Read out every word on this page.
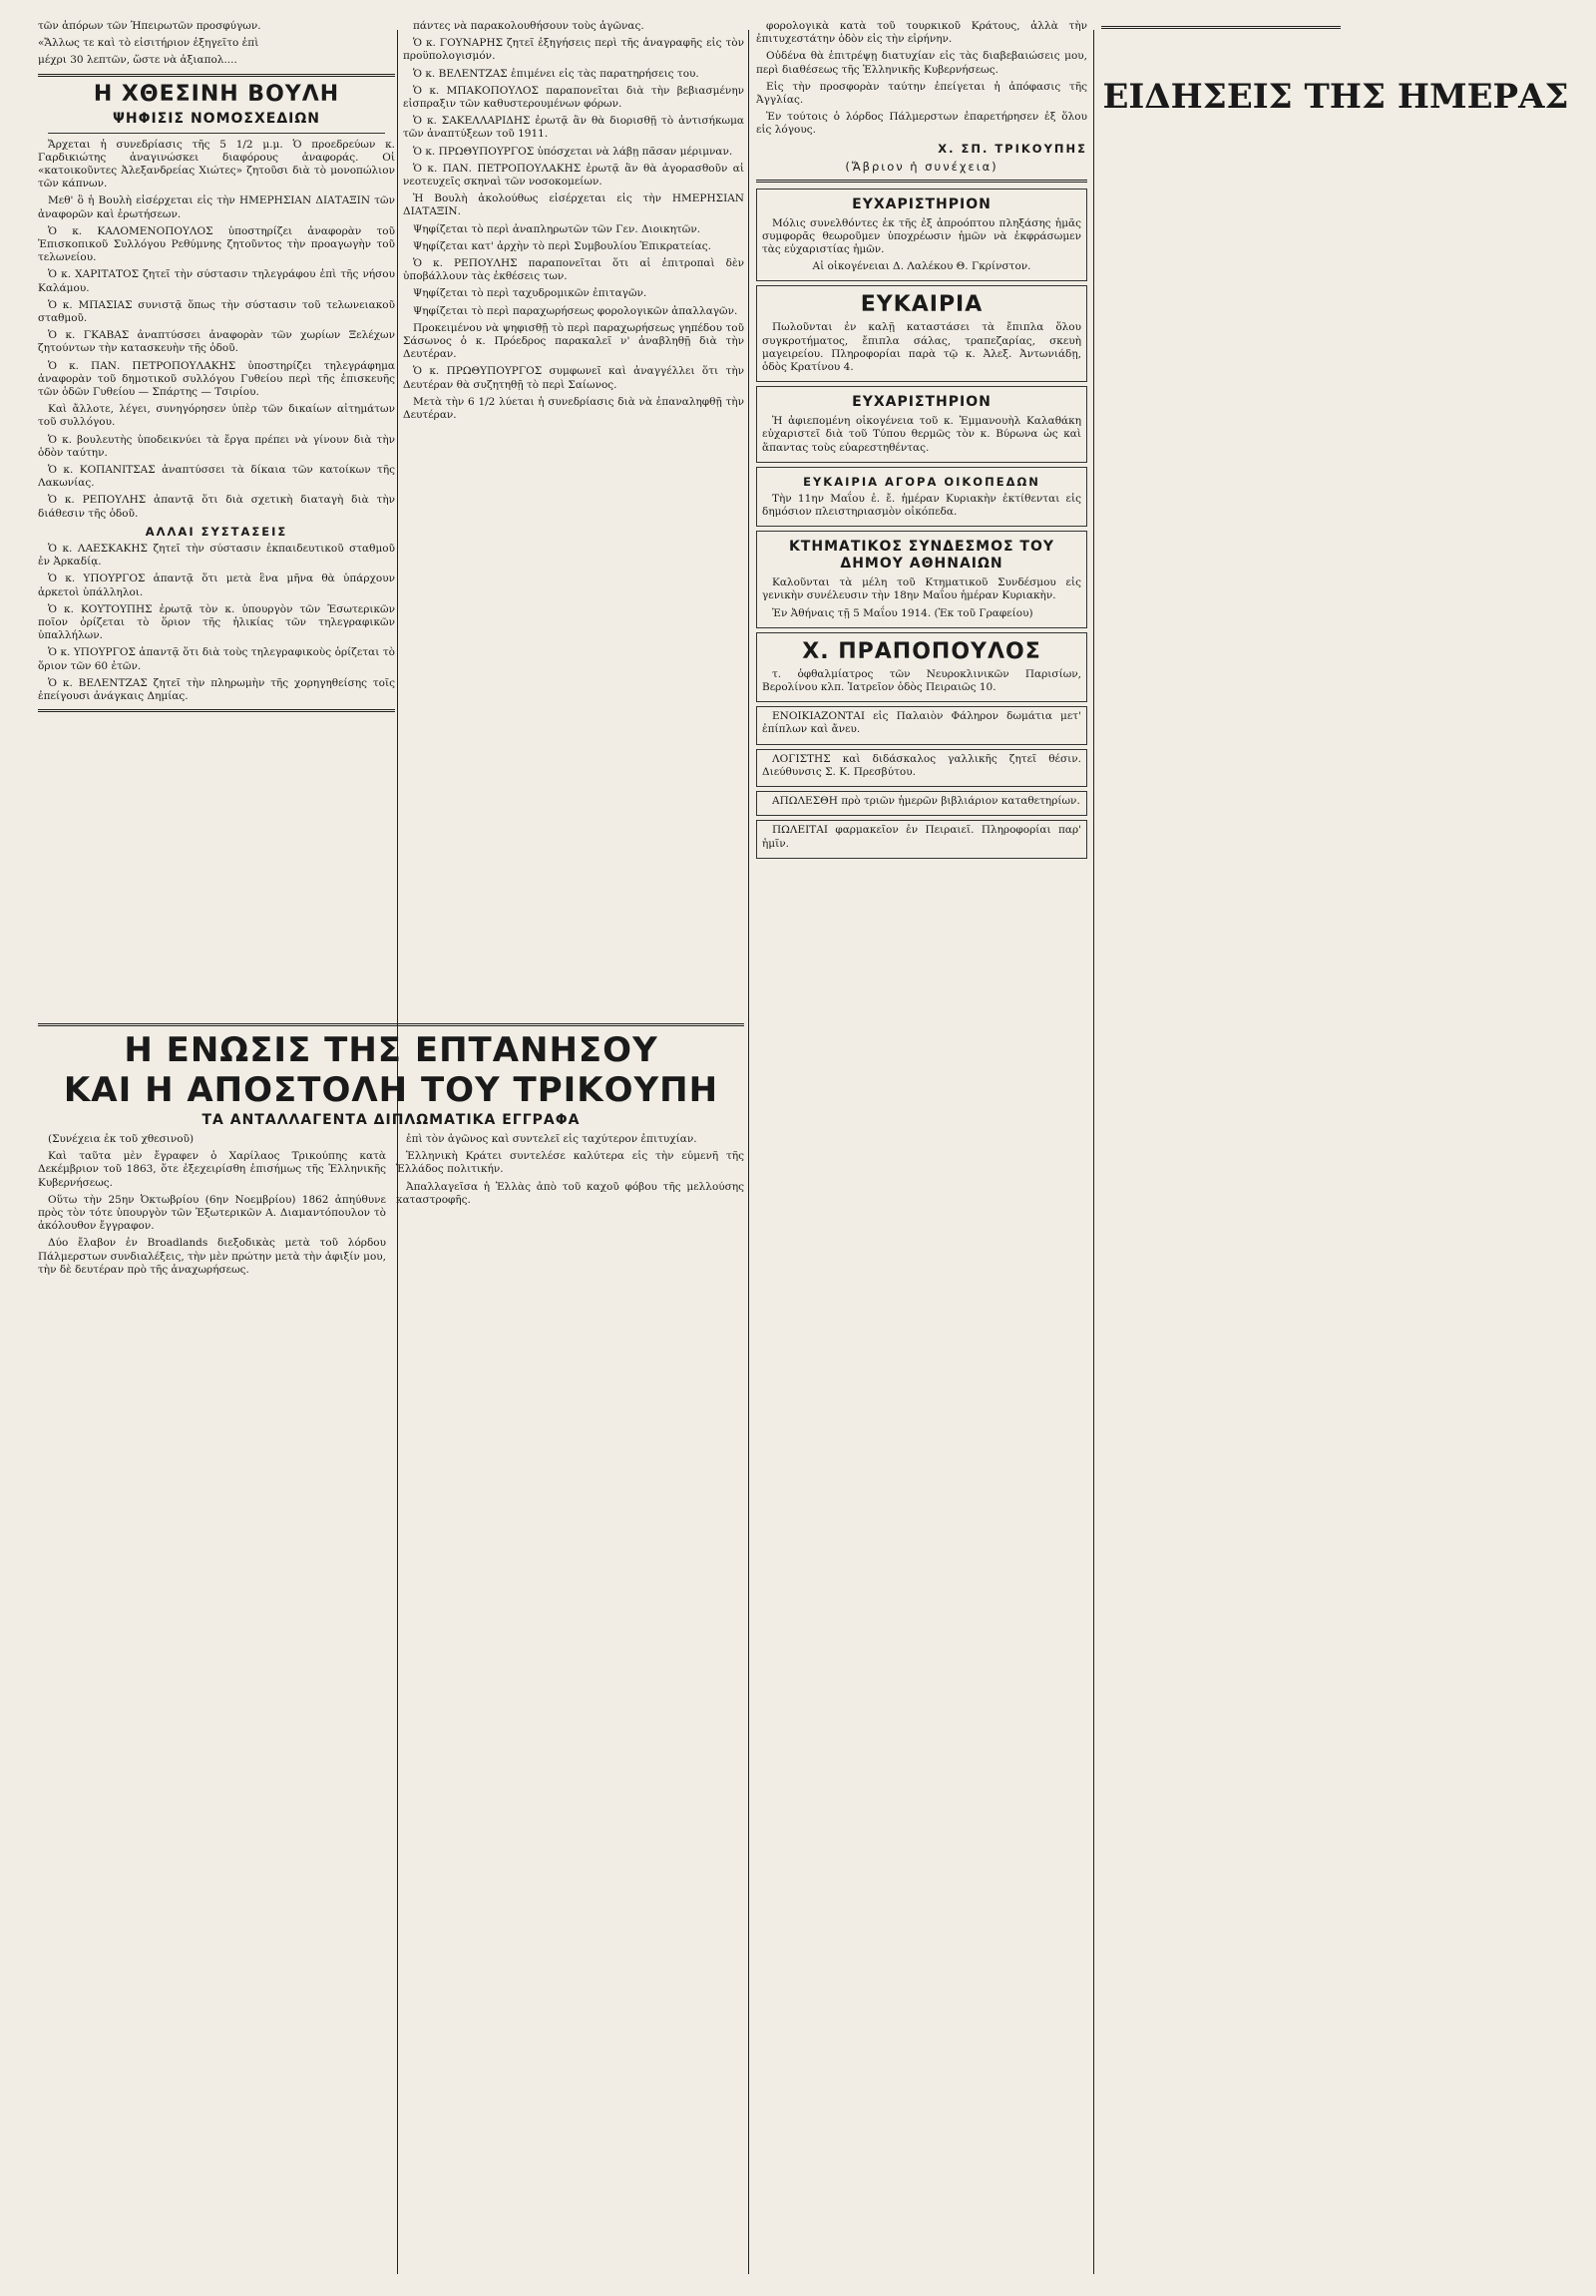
τῶν ἀπόρων τῶν Ἠπειρωτῶν προσφύγων.

«Ἄλλως τε καὶ τὸ εἰσιτήριον ἐξηγεῖτο ἐπὶ

μέχρι 30 λεπτῶν, ὥστε νὰ ἀξιαπολ....

Η ΧΘΕΣΙΝΗ ΒΟΥΛΗ
ΨΗΦΙΣΙΣ ΝΟΜΟΣΧΕΔΙΩΝ

Ἄρχεται ἡ συνεδρίασις τῆς 5 1/2 μ.μ. Ὁ προεδρεύων κ. Γαρδικιώτης ἀναγινώσκει διαφόρους ἀναφοράς. Οἱ «κατοικοῦντες Ἀλεξανδρείας Χιώτες» ζητοῦσι διὰ τὸ μονοπώλιον τῶν κάπνων.

Μεθ' ὃ ἡ Βουλὴ εἰσέρχεται εἰς τὴν ΗΜΕΡΗΣΙΑΝ ΔΙΑΤΑΞΙΝ τῶν ἀναφορῶν καὶ ἐρωτήσεων.

Ὁ κ. ΚΑΛΟΜΕΝΟΠΟΥΛΟΣ ὑποστηρίζει ἀναφορὰν τοῦ Ἐπισκοπικοῦ Συλλόγου Ρεθύμνης ζητοῦντος τὴν προαγωγὴν τοῦ τελωνείου.

Ὁ κ. ΧΑΡΙΤΑΤΟΣ ζητεῖ τὴν σύστασιν τηλεγράφου ἐπὶ τῆς νήσου Καλάμου.

Ὁ κ. ΜΠΑΣΙΑΣ συνιστᾷ ὅπως τὴν σύστασιν τοῦ τελωνειακοῦ σταθμοῦ.

Ὁ κ. ΓΚΑΒΑΣ ἀναπτύσσει ἀναφορὰν τῶν χωρίων Ξελέχων ζητούντων τὴν κατασκευὴν τῆς ὁδοῦ.

Ὁ κ. ΠΑΝ. ΠΕΤΡΟΠΟΥΛΑΚΗΣ ὑποστηρίζει τηλεγράφημα ἀναφορὰν τοῦ δημοτικοῦ συλλόγου Γυθείου περὶ τῆς ἐπισκευῆς τῶν ὁδῶν Γυθείου — Σπάρτης — Τσιρίου.

Καὶ ἄλλοτε, λέγει, συνηγόρησεν ὑπὲρ τῶν δικαίων αἰτημάτων τοῦ συλλόγου.

Ὁ κ. βουλευτὴς ὑποδεικνύει τὰ ἔργα πρέπει νὰ γίνουν διὰ τὴν ὁδὸν ταύτην.

Ὁ κ. ΚΟΠΑΝΙΤΣΑΣ ἀναπτύσσει τὰ δίκαια τῶν κατοίκων τῆς Λακωνίας.

Ὁ κ. ΡΕΠΟΥΛΗΣ ἀπαντᾷ ὅτι διὰ σχετικὴ διαταγὴ διὰ τὴν διάθεσιν τῆς ὁδοῦ.

ΑΛΛΑΙ ΣΥΣΤΑΣΕΙΣ

Ὁ κ. ΛΑΕΣΚΑΚΗΣ ζητεῖ τὴν σύστασιν ἐκπαιδευτικοῦ σταθμοῦ ἐν Ἀρκαδίᾳ.

Ὁ κ. ΥΠΟΥΡΓΟΣ ἀπαντᾷ ὅτι μετὰ ἓνα μῆνα θὰ ὑπάρχουν ἀρκετοὶ ὑπάλληλοι.

Ὁ κ. ΚΟΥΤΟΥΠΗΣ ἐρωτᾷ τὸν κ. ὑπουργὸν τῶν Ἐσωτερικῶν ποῖον ὁρίζεται τὸ ὅριον τῆς ἡλικίας τῶν τηλεγραφικῶν ὑπαλλήλων.

Ὁ κ. ΥΠΟΥΡΓΟΣ ἀπαντᾷ ὅτι διὰ τοὺς τηλεγραφικοὺς ὁρίζεται τὸ ὅριον τῶν 60 ἐτῶν.

Ὁ κ. ΒΕΛΕΝΤΖΑΣ ζητεῖ τὴν πληρωμὴν τῆς χορηγηθείσης τοῖς ἐπείγουσι ἀνάγκαις Δημίας.

πάντες νὰ παρακολουθήσουν τοὺς ἀγῶνας.

Ὁ κ. ΓΟΥΝΑΡΗΣ ζητεῖ ἐξηγήσεις περὶ τῆς ἀναγραφῆς εἰς τὸν προϋπολογισμόν.

Ὁ κ. ΒΕΛΕΝΤΖΑΣ ἐπιμένει εἰς τὰς παρατηρήσεις του.

Ὁ κ. ΜΠΑΚΟΠΟΥΛΟΣ παραπονεῖται διὰ τὴν βεβιασμένην εἰσπραξιν τῶν καθυστερουμένων φόρων.

Ὁ κ. ΣΑΚΕΛΛΑΡΙΔΗΣ ἐρωτᾷ ἂν θὰ διορισθῇ τὸ ἀντισήκωμα τῶν ἀναπτύξεων τοῦ 1911.

Ὁ κ. ΠΡΩΘΥΠΟΥΡΓΟΣ ὑπόσχεται νὰ λάβῃ πᾶσαν μέριμναν.

Ὁ κ. ΠΑΝ. ΠΕΤΡΟΠΟΥΛΑΚΗΣ ἐρωτᾷ ἂν θὰ ἀγορασθοῦν αἱ νεοτευχεῖς σκηναὶ τῶν νοσοκομείων.

Ἡ Βουλὴ ἀκολούθως εἰσέρχεται εἰς τὴν ΗΜΕΡΗΣΙΑΝ ΔΙΑΤΑΞΙΝ.

Ψηφίζεται τὸ περὶ ἀναπληρωτῶν τῶν Γεν. Διοικητῶν.

Ψηφίζεται κατ' ἀρχὴν τὸ περὶ Συμβουλίου Ἐπικρατείας.

Ὁ κ. ΡΕΠΟΥΛΗΣ παραπονεῖται ὅτι αἱ ἐπιτροπαὶ δὲν ὑποβάλλουν τὰς ἐκθέσεις των.

Ψηφίζεται τὸ περὶ ταχυδρομικῶν ἐπιταγῶν.

Ψηφίζεται τὸ περὶ παραχωρήσεως φορολογικῶν ἀπαλλαγῶν.

Προκειμένου νὰ ψηφισθῇ τὸ περὶ παραχωρήσεως γηπέδου τοῦ Σάσωνος ὁ κ. Πρόεδρος παρακαλεῖ ν' ἀναβληθῇ διὰ τὴν Δευτέραν.

Ὁ κ. ΠΡΩΘΥΠΟΥΡΓΟΣ συμφωνεῖ καὶ ἀναγγέλλει ὅτι τὴν Δευτέραν θὰ συζητηθῇ τὸ περὶ Σαίωνος.

Μετὰ τὴν 6 1/2 λύεται ἡ συνεδρίασις διὰ νὰ ἐπαναληφθῇ τὴν Δευτέραν.

Η ΕΝΩΣΙΣ ΤΗΣ ΕΠΤΑΝΗΣΟΥ
ΚΑΙ Η ΑΠΟΣΤΟΛΗ ΤΟΥ ΤΡΙΚΟΥΠΗ
ΤΑ ΑΝΤΑΛΛΑΓΕΝΤΑ ΔΙΠΛΩΜΑΤΙΚΑ ΕΓΓΡΑΦΑ

(Συνέχεια ἐκ τοῦ χθεσινοῦ)

Καὶ ταῦτα μὲν ἔγραφεν ὁ Χαρίλαος Τρικούπης κατὰ Δεκέμβριον τοῦ 1863, ὅτε ἐξεχειρίσθη ἐπισήμως τῆς Ἑλληνικῆς Κυβερνήσεως.

Οὕτω τὴν 25ην Ὀκτωβρίου (6ην Νοεμβρίου) 1862 ἀπηύθυνε πρὸς τὸν τότε ὑπουργὸν τῶν Ἐξωτερικῶν Α. Διαμαντόπουλον τὸ ἀκόλουθον ἔγγραφον.

Δύο ἔλαβον ἐν Broadlands διεξοδικὰς μετὰ τοῦ λόρδου Πάλμερστων συνδιαλέξεις, τὴν μὲν πρώτην μετὰ τὴν ἀφιξίν μου, τὴν δὲ δευτέραν πρὸ τῆς ἀναχωρήσεως.

ἐπὶ τὸν ἀγῶνος καὶ συντελεῖ εἰς ταχύτερον ἐπιτυχίαν.

Ἑλληνικὴ Κράτει συντελέσε καλύτερα εἰς τὴν εὐμενῆ τῆς Ἑλλάδος πολιτικήν.

Ἀπαλλαγεῖσα ἡ Ἑλλὰς ἀπὸ τοῦ καχοῦ φόβου τῆς μελλούσης καταστροφῆς.

φορολογικὰ κατὰ τοῦ τουρκικοῦ Κράτους, ἀλλὰ τὴν ἐπιτυχεστάτην ὁδὸν εἰς τὴν εἰρήνην.

Οὐδένα θὰ ἐπιτρέψῃ διατυχίαν εἰς τὰς διαβεβαιώσεις μου, περὶ διαθέσεως τῆς Ἑλληνικῆς Κυβερνήσεως.

Εἰς τὴν προσφορὰν ταύτην ἐπείγεται ἡ ἀπόφασις τῆς Ἀγγλίας.

Ἐν τούτοις ὁ λόρδος Πάλμερστων ἐπαρετήρησεν ἐξ ὅλου εἰς λόγους.

Χ. ΣΠ. ΤΡΙΚΟΥΠΗΣ
(Ἄβριον ἡ συνέχεια)
ΕΥΧΑΡΙΣΤΗΡΙΟΝ

Μόλις συνελθόντες ἐκ τῆς ἐξ ἀπροόπτου πληξάσης ἡμᾶς συμφορᾶς θεωροῦμεν ὑποχρέωσιν ἡμῶν νὰ ἐκφράσωμεν τὰς εὐχαριστίας ἡμῶν.

Αἱ οἰκογένειαι Δ. Λαλέκου Θ. Γκρίνστον.

ΕΥΚΑΙΡΙΑ

Πωλοῦνται ἐν καλῇ καταστάσει τὰ ἔπιπλα ὅλου συγκροτήματος, ἔπιπλα σάλας, τραπεζαρίας, σκευὴ μαγειρείου. Πληροφορίαι παρὰ τῷ κ. Ἀλεξ. Ἀντωνιάδῃ, ὁδὸς Κρατίνου 4.

ΕΥΧΑΡΙΣΤΗΡΙΟΝ

Ἡ ἀφιεπομένη οἰκογένεια τοῦ κ. Ἐμμανουὴλ Καλαθάκη εὐχαριστεῖ διὰ τοῦ Τύπου θερμῶς τὸν κ. Βύρωνα ὡς καὶ ἅπαντας τοὺς εὐαρεστηθέντας.

ΕΥΚΑΙΡΙΑ ΑΓΟΡΑ ΟΙΚΟΠΕΔΩΝ

Τὴν 11ην Μαΐου ἐ. ἔ. ἡμέραν Κυριακὴν ἐκτίθενται εἰς δημόσιον πλειστηριασμὸν οἰκόπεδα.

ΚΤΗΜΑΤΙΚΟΣ ΣΥΝΔΕΣΜΟΣ ΤΟΥ ΔΗΜΟΥ ΑΘΗΝΑΙΩΝ

Καλοῦνται τὰ μέλη τοῦ Κτηματικοῦ Συνδέσμου εἰς γενικὴν συνέλευσιν τὴν 18ην Μαΐου ἡμέραν Κυριακὴν.

Ἐν Ἀθήναις τῇ 5 Μαΐου 1914. (Ἐκ τοῦ Γραφείου)

Χ. ΠΡΑΠΟΠΟΥΛΟΣ

τ. ὀφθαλμίατρος τῶν Νευροκλινικῶν Παρισίων, Βερολίνου κλπ. Ἰατρεῖον ὁδὸς Πειραιῶς 10.

ΕΝΟΙΚΙΑΖΟΝΤΑΙ εἰς Παλαιὸν Φάληρον δωμάτια μετ' ἐπίπλων καὶ ἄνευ.

ΛΟΓΙΣΤΗΣ καὶ διδάσκαλος γαλλικῆς ζητεῖ θέσιν. Διεύθυνσις Σ. Κ. Πρεσβύτου.

ΑΠΩΛΕΣΘΗ πρὸ τριῶν ἡμερῶν βιβλιάριον καταθετηρίων.

ΠΩΛΕΙΤΑΙ φαρμακεῖον ἐν Πειραιεῖ. Πληροφορίαι παρ' ἡμῖν.

ΕΙΔΗΣΕΙΣ ΤΗΣ ΗΜΕΡΑΣ
